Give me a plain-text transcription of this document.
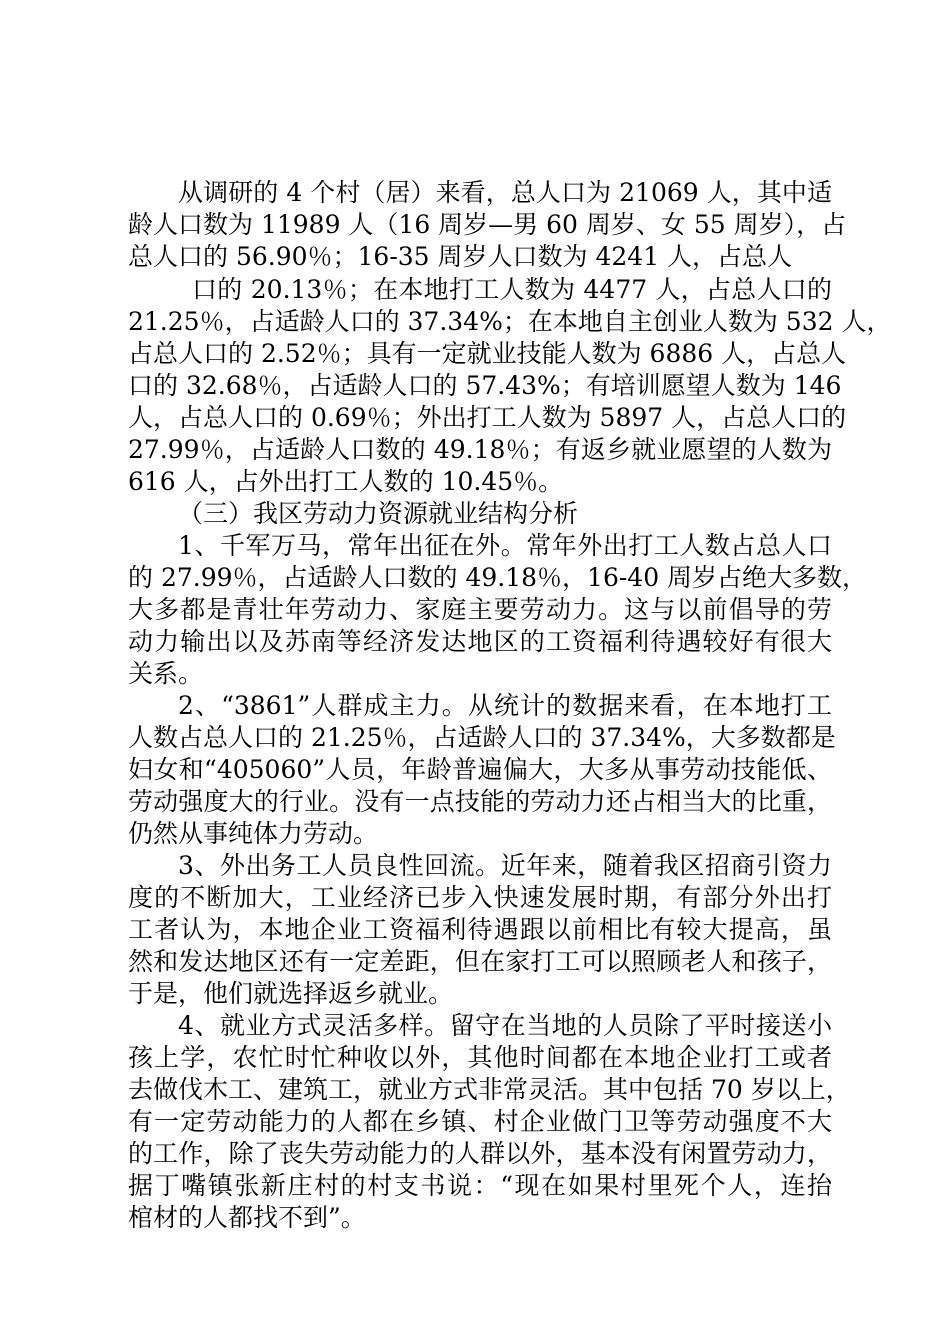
从调研的 4 个村（居）来看，总人口为 21069 人，其中适
龄人口数为 11989 人（16 周岁—男 60 周岁、女 55 周岁），占
总人口的 56.90％；16-35 周岁人口数为 4241 人，占总人
口的 20.13％；在本地打工人数为 4477 人，占总人口的
21.25％，占适龄人口的 37.34%；在本地自主创业人数为 532 人，
占总人口的 2.52％；具有一定就业技能人数为 6886 人，占总人
口的 32.68％，占适龄人口的 57.43%；有培训愿望人数为 146
人，占总人口的 0.69％；外出打工人数为 5897 人，占总人口的
27.99％，占适龄人口数的 49.18％；有返乡就业愿望的人数为
616 人，占外出打工人数的 10.45％。
（三）我区劳动力资源就业结构分析
1、千军万马，常年出征在外。常年外出打工人数占总人口
的 27.99％，占适龄人口数的 49.18％，16-40 周岁占绝大多数，
大多都是青壮年劳动力、家庭主要劳动力。这与以前倡导的劳
动力输出以及苏南等经济发达地区的工资福利待遇较好有很大
关系。
2、“3861”人群成主力。从统计的数据来看，在本地打工
人数占总人口的 21.25％，占适龄人口的 37.34%，大多数都是
妇女和“405060”人员，年龄普遍偏大，大多从事劳动技能低、
劳动强度大的行业。没有一点技能的劳动力还占相当大的比重，
仍然从事纯体力劳动。
3、外出务工人员良性回流。近年来，随着我区招商引资力
度的不断加大，工业经济已步入快速发展时期，有部分外出打
工者认为，本地企业工资福利待遇跟以前相比有较大提高，虽
然和发达地区还有一定差距，但在家打工可以照顾老人和孩子，
于是，他们就选择返乡就业。
4、就业方式灵活多样。留守在当地的人员除了平时接送小
孩上学，农忙时忙种收以外，其他时间都在本地企业打工或者
去做伐木工、建筑工，就业方式非常灵活。其中包括 70 岁以上，
有一定劳动能力的人都在乡镇、村企业做门卫等劳动强度不大
的工作，除了丧失劳动能力的人群以外，基本没有闲置劳动力，
据丁嘴镇张新庄村的村支书说：“现在如果村里死个人，连抬
棺材的人都找不到”。
